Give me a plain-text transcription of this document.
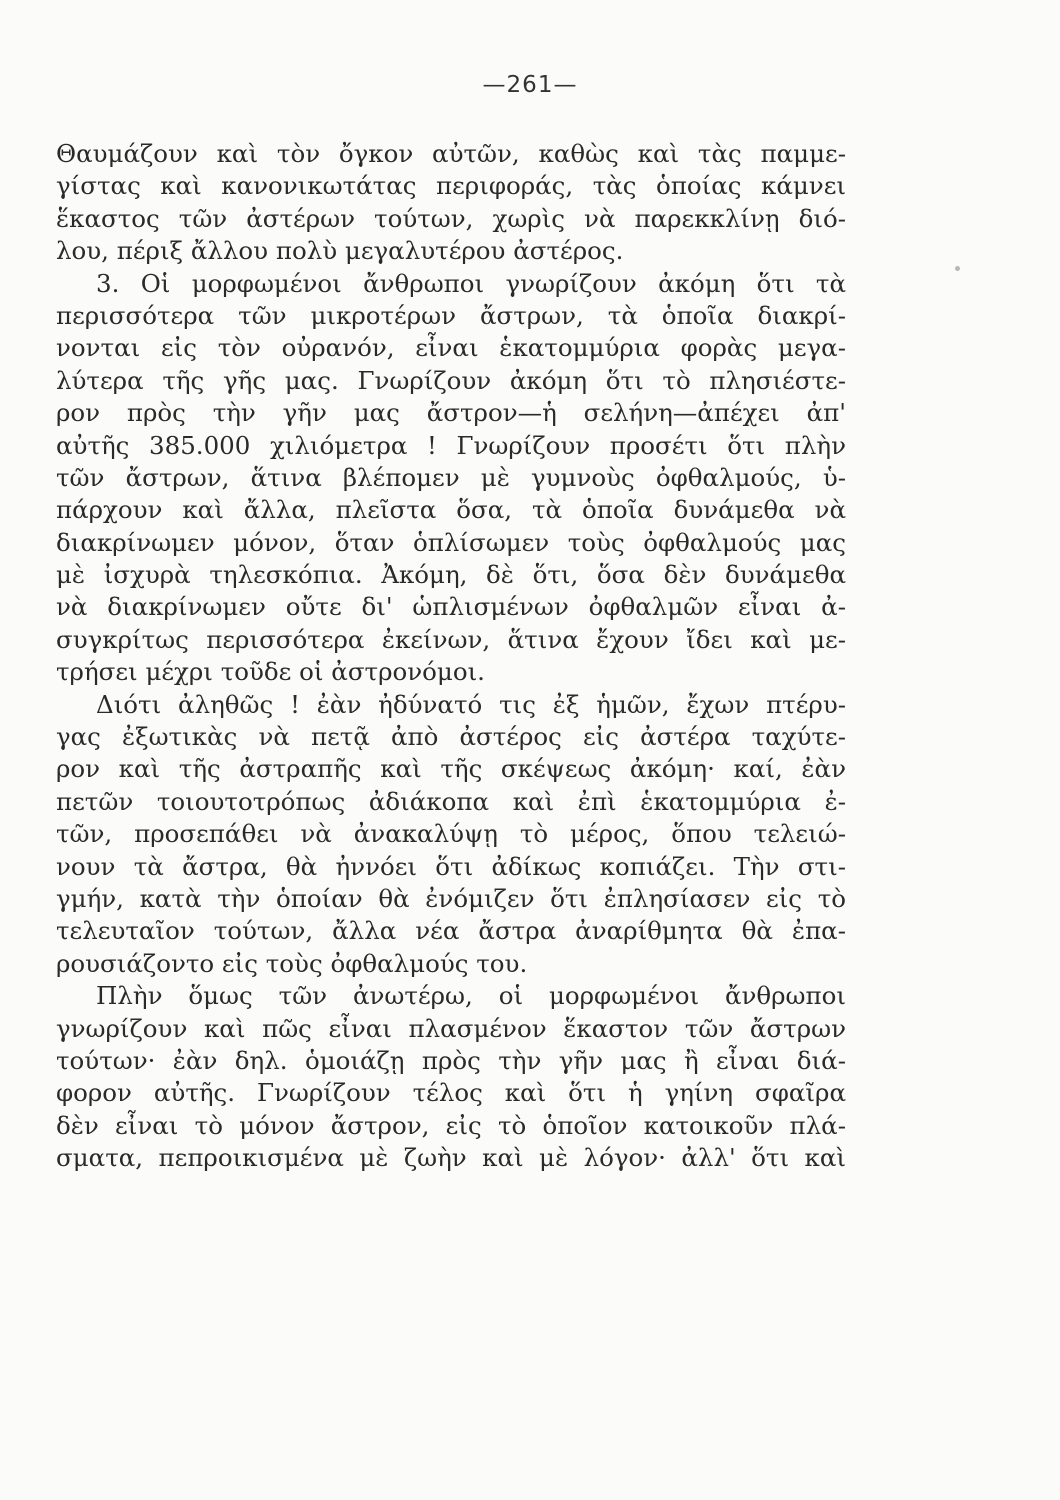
—261—
Θαυμάζουν καὶ τὸν ὄγκον αὐτῶν, καθὼς καὶ τὰς παμμε-
γίστας καὶ κανονικωτάτας περιφοράς, τὰς ὁποίας κάμνει
ἕκαστος τῶν ἀστέρων τούτων, χωρὶς νὰ παρεκκλίνῃ διό-
λου, πέριξ ἄλλου πολὺ μεγαλυτέρου ἀστέρος.
3. Οἱ μορφωμένοι ἄνθρωποι γνωρίζουν ἀκόμη ὅτι τὰ
περισσότερα τῶν μικροτέρων ἄστρων, τὰ ὁποῖα διακρί-
νονται εἰς τὸν οὐρανόν, εἶναι ἑκατομμύρια φορὰς μεγα-
λύτερα τῆς γῆς μας. Γνωρίζουν ἀκόμη ὅτι τὸ πλησιέστε-
ρον πρὸς τὴν γῆν μας ἄστρον—ἡ σελήνη—ἀπέχει ἀπ'
αὐτῆς 385.000 χιλιόμετρα ! Γνωρίζουν προσέτι ὅτι πλὴν
τῶν ἄστρων, ἅτινα βλέπομεν μὲ γυμνοὺς ὀφθαλμούς, ὑ-
πάρχουν καὶ ἄλλα, πλεῖστα ὅσα, τὰ ὁποῖα δυνάμεθα νὰ
διακρίνωμεν μόνον, ὅταν ὁπλίσωμεν τοὺς ὀφθαλμούς μας
μὲ ἰσχυρὰ τηλεσκόπια. Ἀκόμη, δὲ ὅτι, ὅσα δὲν δυνάμεθα
νὰ διακρίνωμεν οὔτε δι' ὡπλισμένων ὀφθαλμῶν εἶναι ἀ-
συγκρίτως περισσότερα ἐκείνων, ἅτινα ἔχουν ἴδει καὶ με-
τρήσει μέχρι τοῦδε οἱ ἀστρονόμοι.
Διότι ἀληθῶς ! ἐὰν ἠδύνατό τις ἐξ ἡμῶν, ἔχων πτέρυ-
γας ἐξωτικὰς νὰ πετᾷ ἀπὸ ἀστέρος εἰς ἀστέρα ταχύτε-
ρον καὶ τῆς ἀστραπῆς καὶ τῆς σκέψεως ἀκόμη· καί, ἐὰν
πετῶν τοιουτοτρόπως ἀδιάκοπα καὶ ἐπὶ ἑκατομμύρια ἐ-
τῶν, προσεπάθει νὰ ἀνακαλύψῃ τὸ μέρος, ὅπου τελειώ-
νουν τὰ ἄστρα, θὰ ἠννόει ὅτι ἀδίκως κοπιάζει. Τὴν στι-
γμήν, κατὰ τὴν ὁποίαν θὰ ἐνόμιζεν ὅτι ἐπλησίασεν εἰς τὸ
τελευταῖον τούτων, ἄλλα νέα ἄστρα ἀναρίθμητα θὰ ἐπα-
ρουσιάζοντο εἰς τοὺς ὀφθαλμούς του.
Πλὴν ὅμως τῶν ἀνωτέρω, οἱ μορφωμένοι ἄνθρωποι
γνωρίζουν καὶ πῶς εἶναι πλασμένον ἕκαστον τῶν ἄστρων
τούτων· ἐὰν δηλ. ὁμοιάζῃ πρὸς τὴν γῆν μας ἢ εἶναι διά-
φορον αὐτῆς. Γνωρίζουν τέλος καὶ ὅτι ἡ γηίνη σφαῖρα
δὲν εἶναι τὸ μόνον ἄστρον, εἰς τὸ ὁποῖον κατοικοῦν πλά-
σματα, πεπροικισμένα μὲ ζωὴν καὶ μὲ λόγον· ἀλλ' ὅτι καὶ
